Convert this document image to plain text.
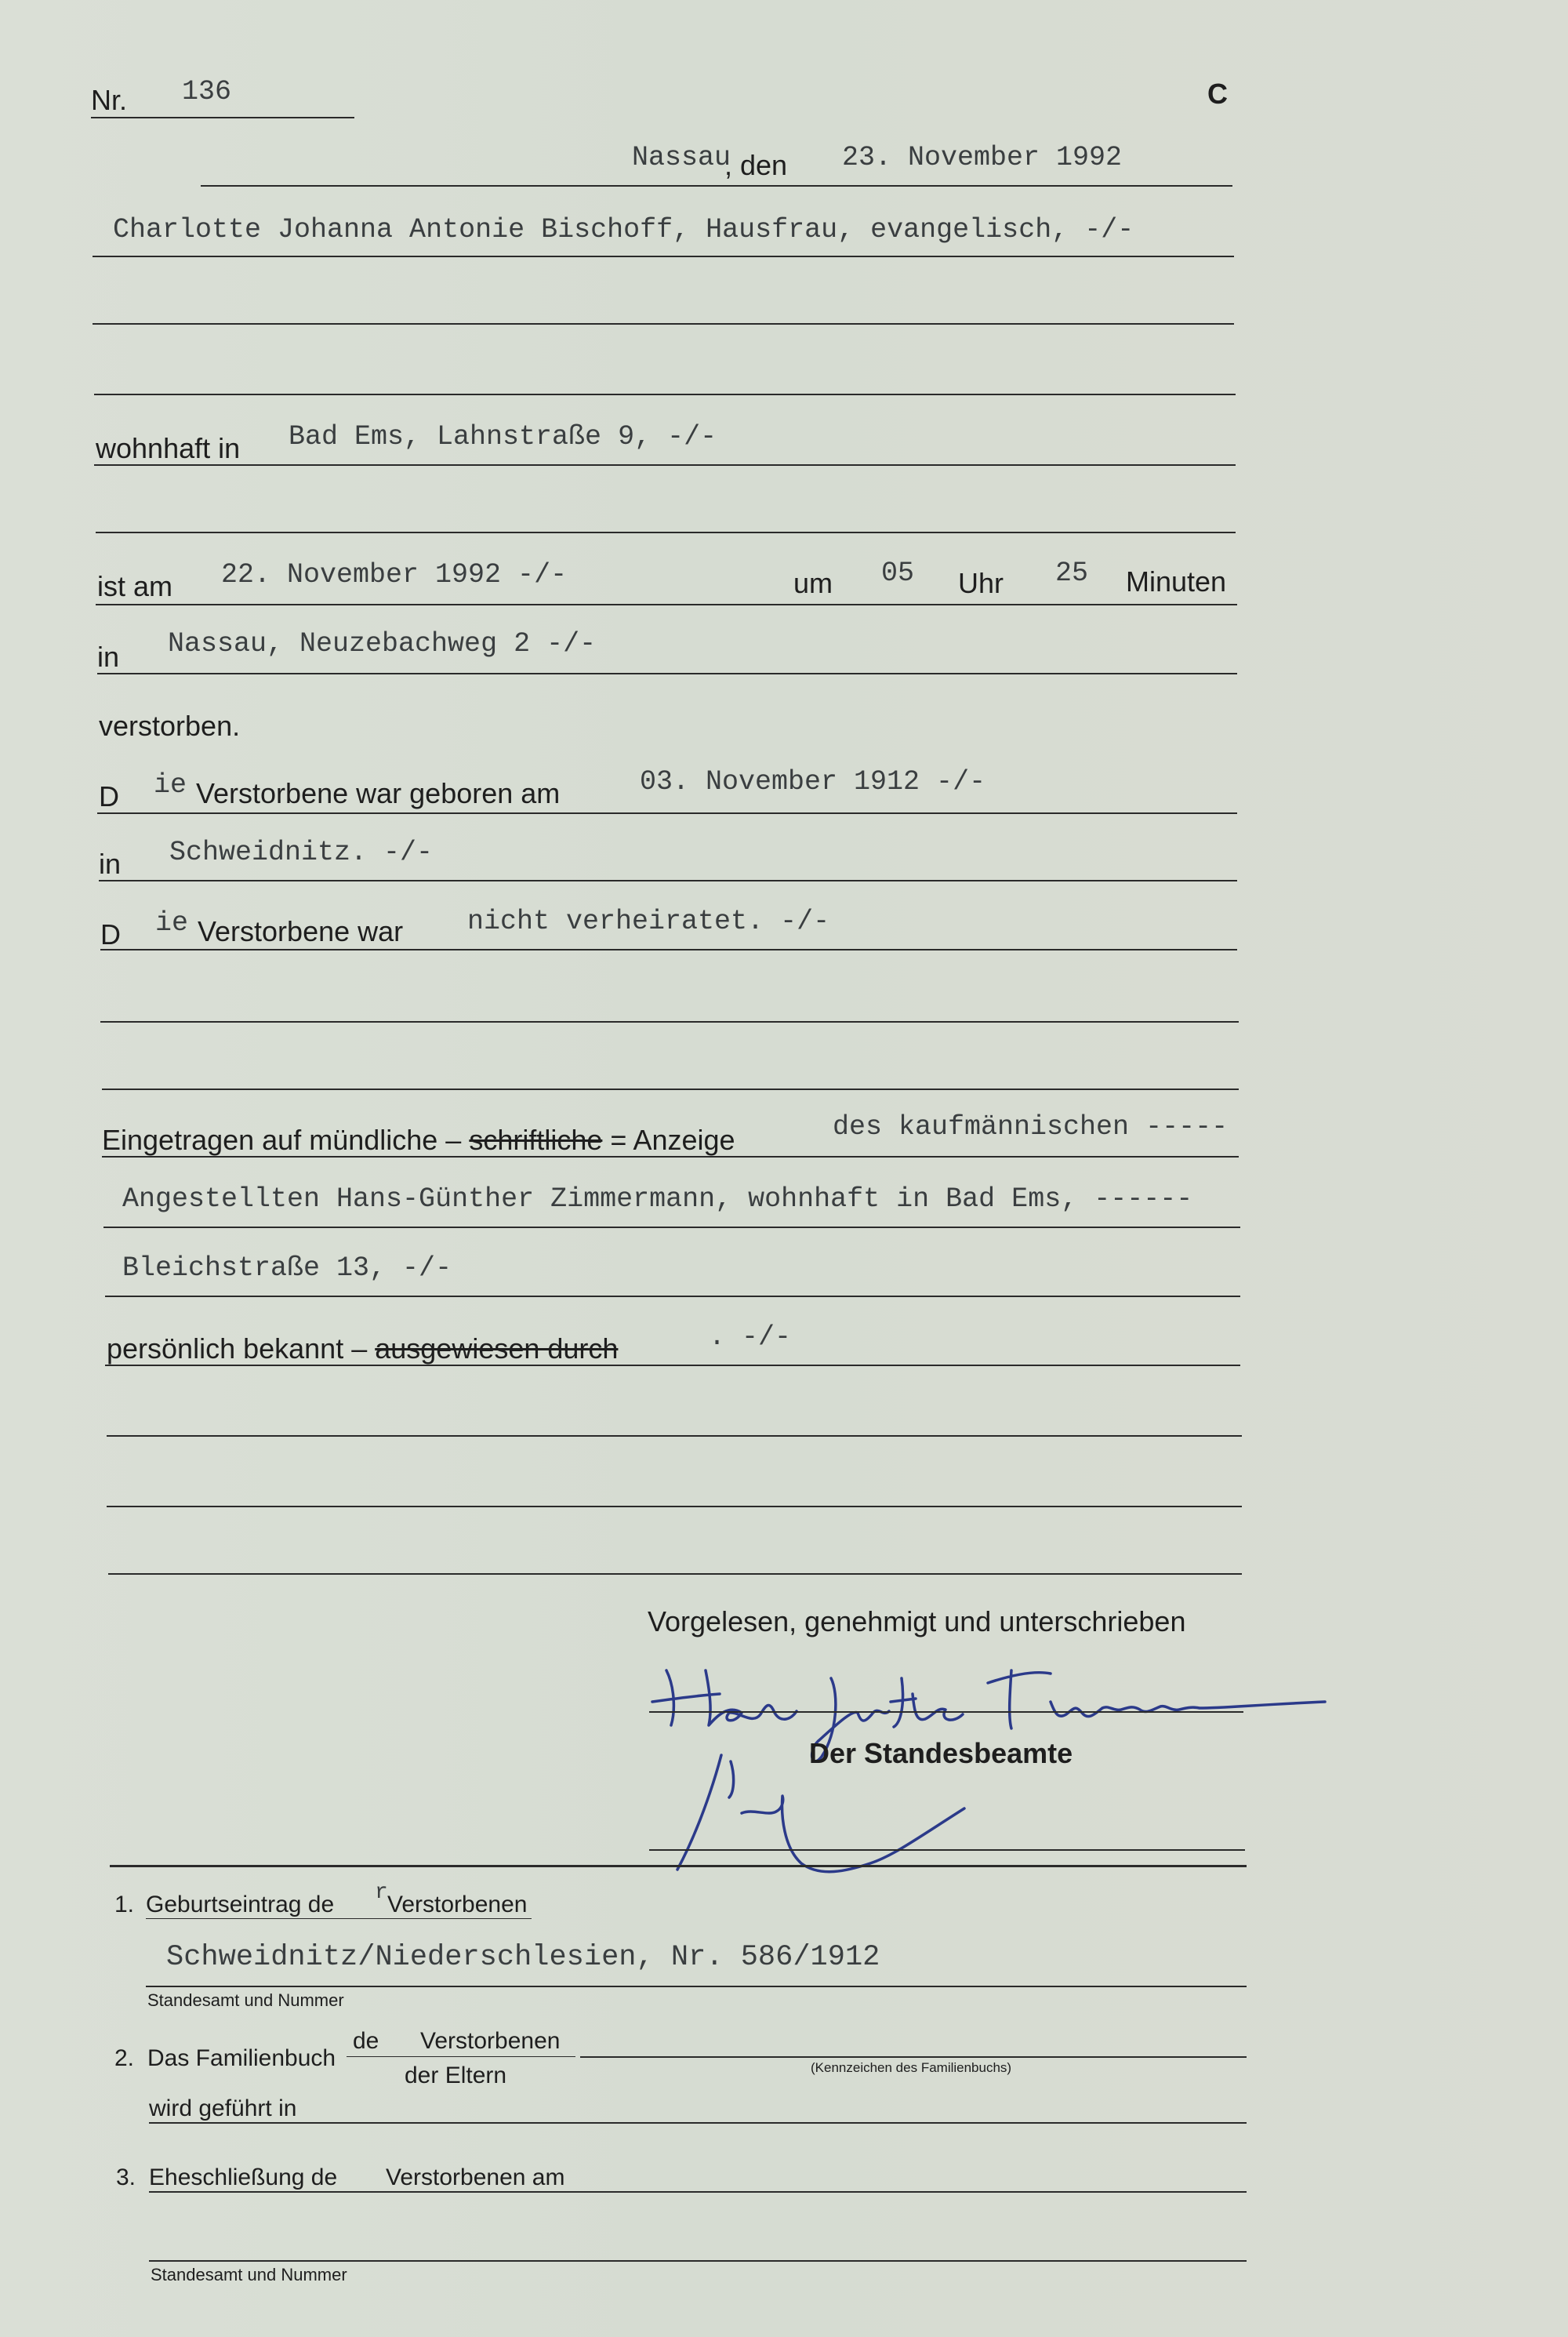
Nr. 136	C
Nassau
, den 23. November 1992
Charlotte Johanna Antonie Bischoff, Hausfrau, evangelisch, -/-
wohnhaft in Bad Ems, Lahnstraße 9, -/-
ist am 22. November 1992 -/-	um 05 Uhr 25 Minuten
in Nassau, Neuzebachweg 2 -/-
verstorben.
D ie Verstorbene war geboren am	03. November 1912 -/-
in Schweidnitz. -/-
D ie Verstorbene war nicht verheiratet. -/-
Eingetragen auf mündliche – schriftliche = Anzeige	des kaufmännischen -----
Angestellten Hans-Günther Zimmermann, wohnhaft in Bad Ems, ------
Bleichstraße 13, -/-
persönlich bekannt – ausgewiesen durch	. -/-
Vorgelesen, genehmigt und unterschrieben
Der Standesbeamte
1. Geburtseintrag de r Verstorbenen
Schweidnitz/Niederschlesien, Nr. 586/1912
Standesamt und Nummer
2. Das Familienbuch
de Verstorbenen
der Eltern	(Kennzeichen des Familienbuchs)
wird geführt in
3. Eheschließung de Verstorbenen am
Standesamt und Nummer
